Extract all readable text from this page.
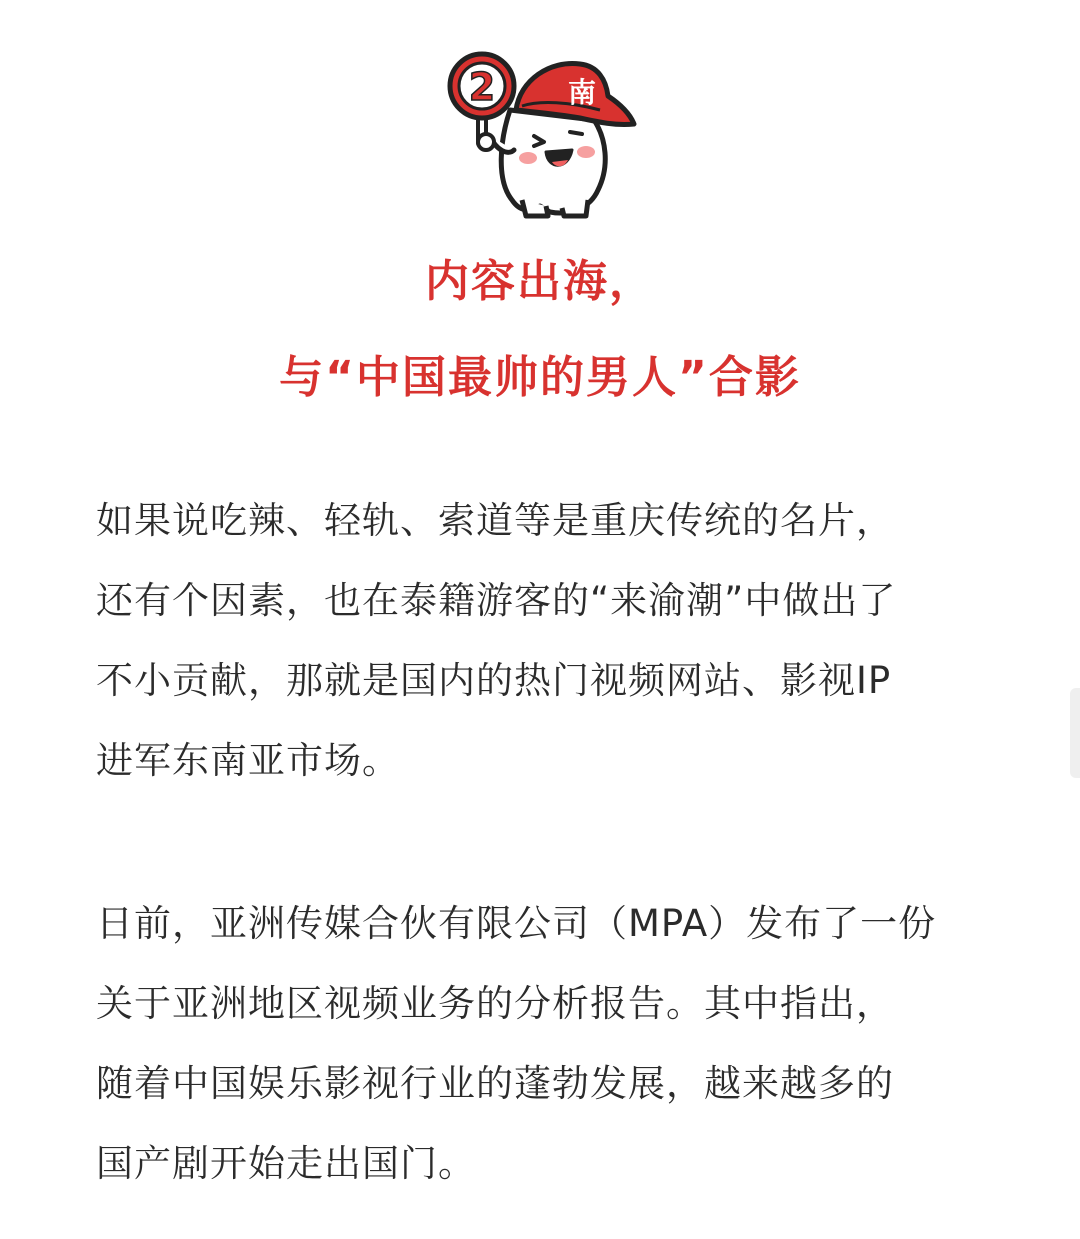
2	南
内容出海，
与“中国最帅的男人”合影
如果说吃辣、轻轨、索道等是重庆传统的名片，
还有个因素，也在泰籍游客的“来渝潮”中做出了
不小贡献，那就是国内的热门视频网站、影视IP
进军东南亚市场。
日前，亚洲传媒合伙有限公司（MPA）发布了一份
关于亚洲地区视频业务的分析报告。其中指出，
随着中国娱乐影视行业的蓬勃发展，越来越多的
国产剧开始走出国门。
